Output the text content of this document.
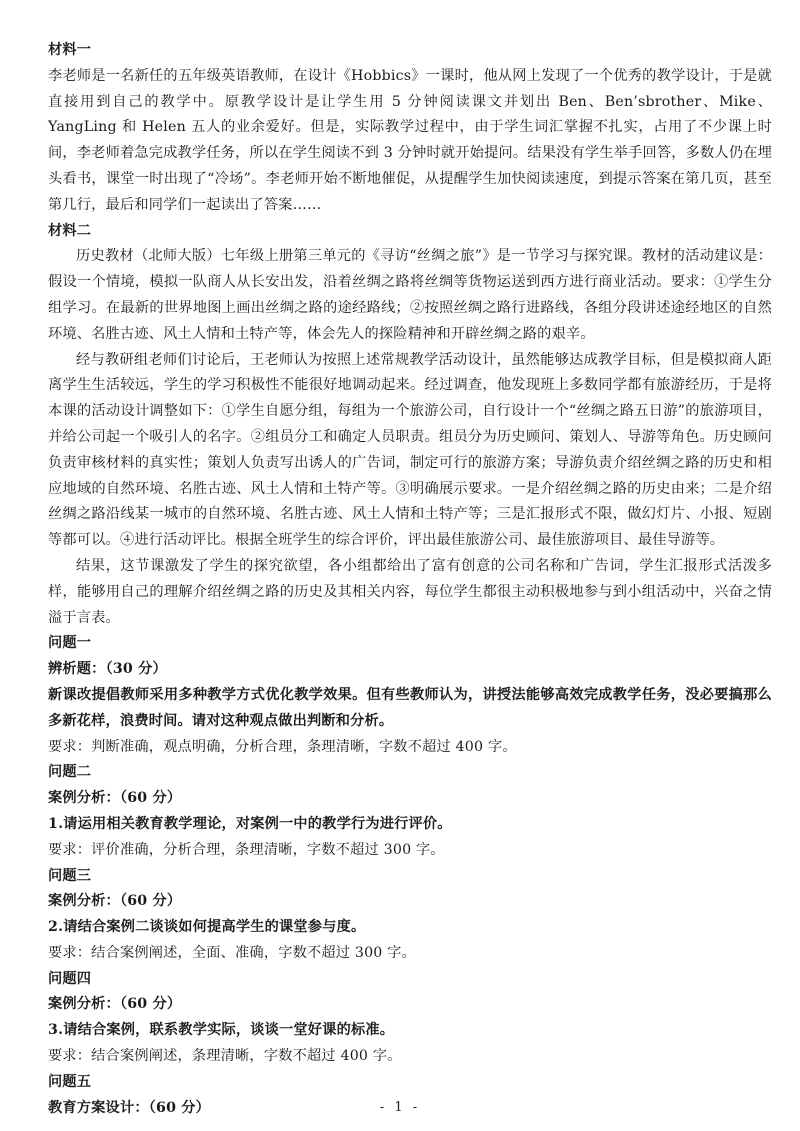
材料一

李老师是一名新任的五年级英语教师，在设计《Hobbics》一课时，他从网上发现了一个优秀的教学设计，于是就直接用到自己的教学中。原教学设计是让学生用 5 分钟阅读课文并划出 Ben、Ben’sbrother、Mike、YangLing 和 Helen 五人的业余爱好。但是，实际教学过程中，由于学生词汇掌握不扎实，占用了不少课上时间，李老师着急完成教学任务，所以在学生阅读不到 3 分钟时就开始提问。结果没有学生举手回答，多数人仍在埋头看书，课堂一时出现了“冷场”。李老师开始不断地催促，从提醒学生加快阅读速度，到提示答案在第几页，甚至第几行，最后和同学们一起读出了答案……

材料二

历史教材（北师大版）七年级上册第三单元的《寻访“丝绸之旅”》是一节学习与探究课。教材的活动建议是：假设一个情境，模拟一队商人从长安出发，沿着丝绸之路将丝绸等货物运送到西方进行商业活动。要求：①学生分组学习。在最新的世界地图上画出丝绸之路的途经路线；②按照丝绸之路行进路线，各组分段讲述途经地区的自然环境、名胜古迹、风土人情和土特产等，体会先人的探险精神和开辟丝绸之路的艰辛。

经与教研组老师们讨论后，王老师认为按照上述常规教学活动设计，虽然能够达成教学目标，但是模拟商人距离学生生活较远，学生的学习积极性不能很好地调动起来。经过调查，他发现班上多数同学都有旅游经历，于是将本课的活动设计调整如下：①学生自愿分组，每组为一个旅游公司，自行设计一个“丝绸之路五日游”的旅游项目，并给公司起一个吸引人的名字。②组员分工和确定人员职责。组员分为历史顾问、策划人、导游等角色。历史顾问负责审核材料的真实性；策划人负责写出诱人的广告词，制定可行的旅游方案；导游负责介绍丝绸之路的历史和相应地域的自然环境、名胜古迹、风土人情和土特产等。③明确展示要求。一是介绍丝绸之路的历史由来；二是介绍丝绸之路沿线某一城市的自然环境、名胜古迹、风土人情和土特产等；三是汇报形式不限，做幻灯片、小报、短剧等都可以。④进行活动评比。根据全班学生的综合评价，评出最佳旅游公司、最佳旅游项目、最佳导游等。

结果，这节课激发了学生的探究欲望，各小组都给出了富有创意的公司名称和广告词，学生汇报形式活泼多样，能够用自己的理解介绍丝绸之路的历史及其相关内容，每位学生都很主动积极地参与到小组活动中，兴奋之情溢于言表。

问题一

辨析题：（30 分）

新课改提倡教师采用多种教学方式优化教学效果。但有些教师认为，讲授法能够高效完成教学任务，没必要搞那么多新花样，浪费时间。请对这种观点做出判断和分析。

要求：判断准确，观点明确，分析合理，条理清晰，字数不超过 400 字。

问题二

案例分析：（60 分）

1.请运用相关教育教学理论，对案例一中的教学行为进行评价。

要求：评价准确，分析合理，条理清晰，字数不超过 300 字。

问题三

案例分析：（60 分）

2.请结合案例二谈谈如何提高学生的课堂参与度。

要求：结合案例阐述，全面、准确，字数不超过 300 字。

问题四

案例分析：（60 分）

3.请结合案例，联系教学实际，谈谈一堂好课的标准。

要求：结合案例阐述，条理清晰，字数不超过 400 字。

问题五

教育方案设计：（60 分）	- 1 -
